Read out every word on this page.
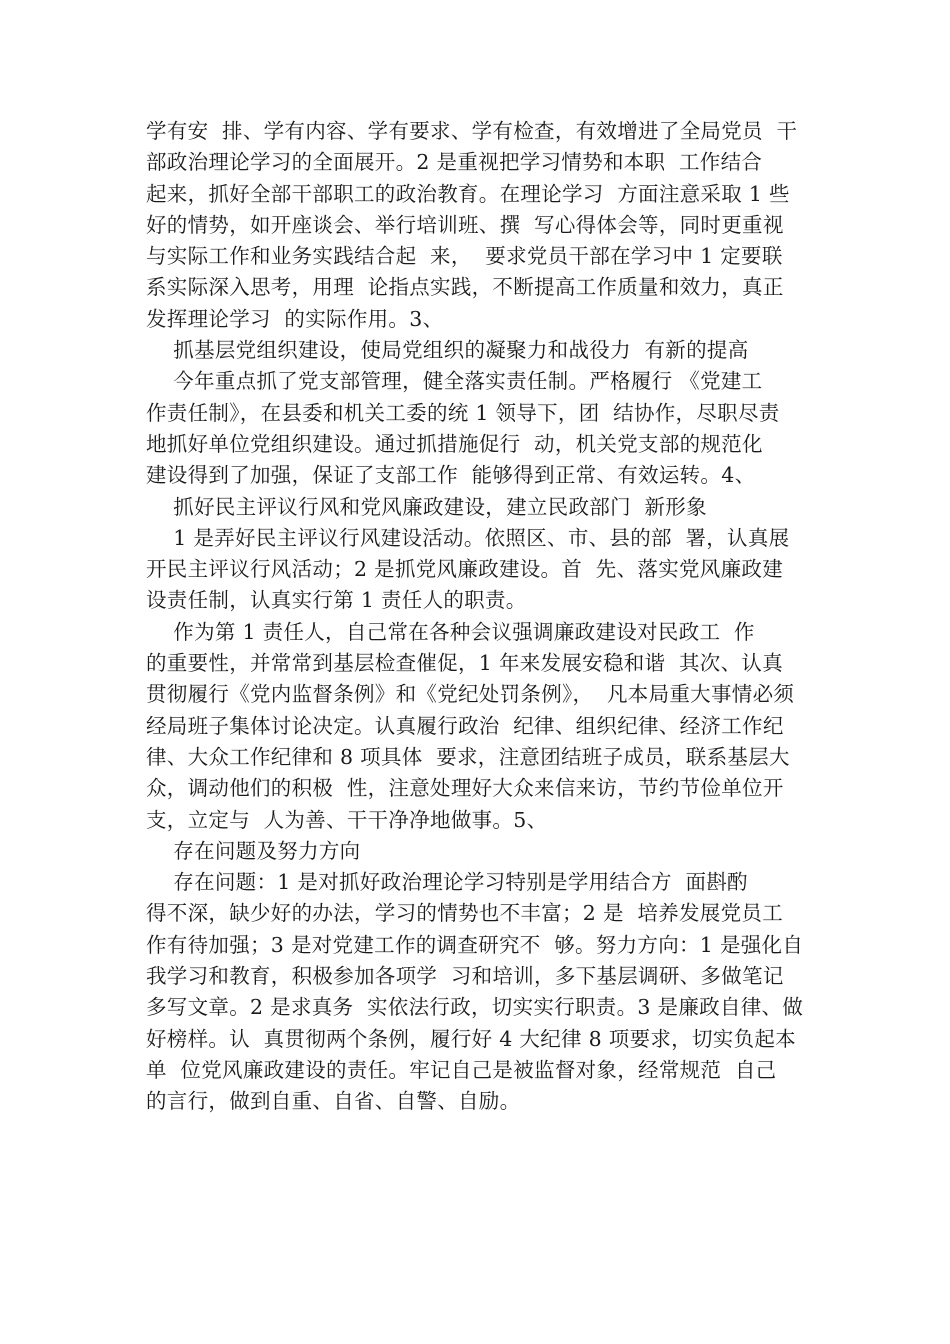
学有安  排、学有内容、学有要求、学有检查，有效增进了全局党员  干
部政治理论学习的全面展开。2 是重视把学习情势和本职  工作结合
起来，抓好全部干部职工的政治教育。在理论学习  方面注意采取 1 些
好的情势，如开座谈会、举行培训班、撰  写心得体会等，同时更重视
与实际工作和业务实践结合起  来，  要求党员干部在学习中 1 定要联
系实际深入思考，用理  论指点实践，不断提高工作质量和效力，真正
发挥理论学习  的实际作用。3、
抓基层党组织建设，使局党组织的凝聚力和战役力  有新的提高
今年重点抓了党支部管理，健全落实责任制。严格履行 《党建工
作责任制》，在县委和机关工委的统 1 领导下，团  结协作，尽职尽责
地抓好单位党组织建设。通过抓措施促行  动，机关党支部的规范化
建设得到了加强，保证了支部工作  能够得到正常、有效运转。4、
抓好民主评议行风和党风廉政建设，建立民政部门  新形象
1 是弄好民主评议行风建设活动。依照区、市、县的部  署，认真展
开民主评议行风活动；2 是抓党风廉政建设。首  先、落实党风廉政建
设责任制，认真实行第 1 责任人的职责。
作为第 1 责任人，自己常在各种会议强调廉政建设对民政工  作
的重要性，并常常到基层检查催促，1 年来发展安稳和谐  其次、认真
贯彻履行《党内监督条例》和《党纪处罚条例》，  凡本局重大事情必须
经局班子集体讨论决定。认真履行政治  纪律、组织纪律、经济工作纪
律、大众工作纪律和 8 项具体  要求，注意团结班子成员，联系基层大
众，调动他们的积极  性，注意处理好大众来信来访，节约节俭单位开
支，立定与  人为善、干干净净地做事。5、
存在问题及努力方向
存在问题：1 是对抓好政治理论学习特别是学用结合方  面斟酌
得不深，缺少好的办法，学习的情势也不丰富；2 是  培养发展党员工
作有待加强；3 是对党建工作的调查研究不  够。努力方向：1 是强化自
我学习和教育，积极参加各项学  习和培训，多下基层调研、多做笔记
多写文章。2 是求真务  实依法行政，切实实行职责。3 是廉政自律、做
好榜样。认  真贯彻两个条例，履行好 4 大纪律 8 项要求，切实负起本
单  位党风廉政建设的责任。牢记自己是被监督对象，经常规范  自己
的言行，做到自重、自省、自警、自励。
